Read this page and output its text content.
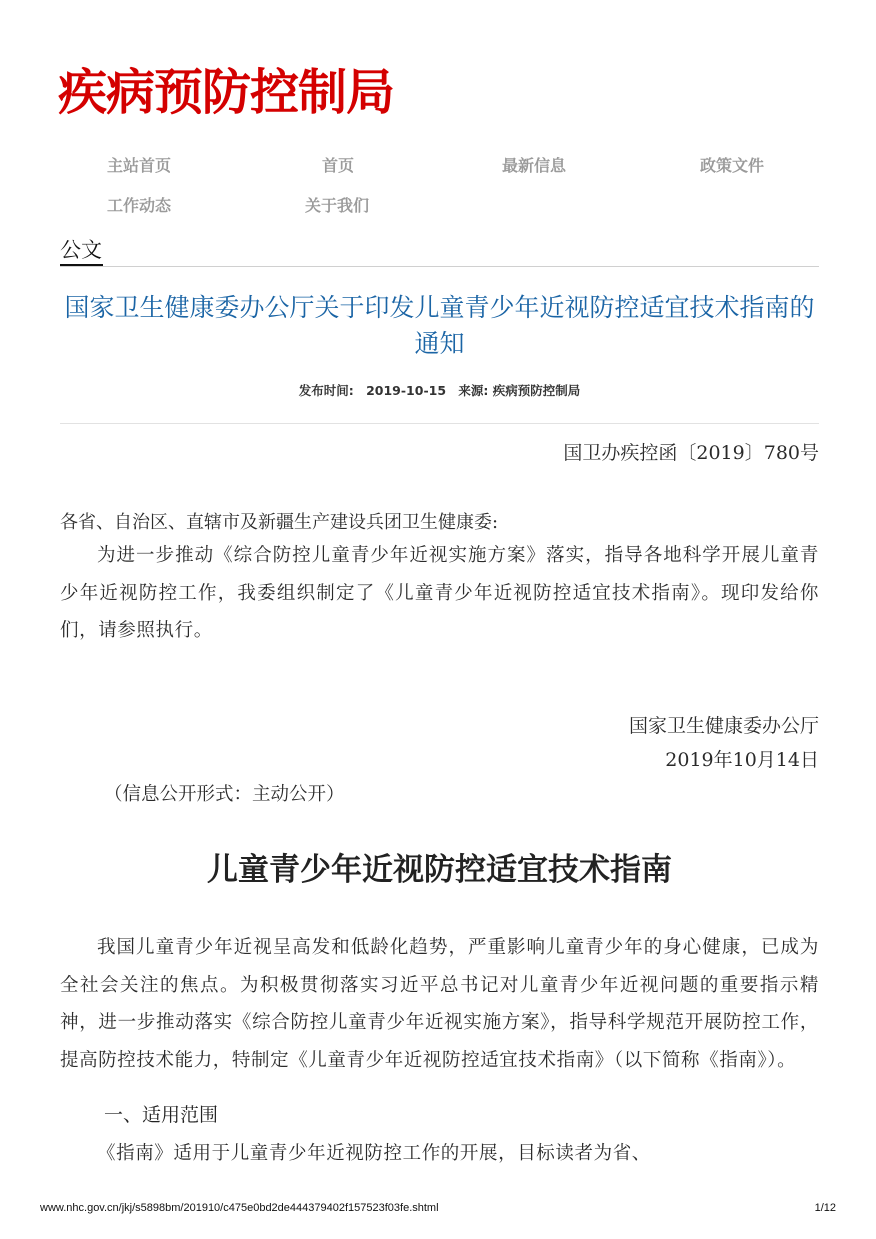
疾病预防控制局
主站首页	首页	最新信息	政策文件
工作动态	关于我们
公文
国家卫生健康委办公厅关于印发儿童青少年近视防控适宜技术指南的通知
发布时间: 2019-10-15 来源: 疾病预防控制局
国卫办疾控函〔2019〕780号
各省、自治区、直辖市及新疆生产建设兵团卫生健康委:

为进一步推动《综合防控儿童青少年近视实施方案》落实，指导各地科学开展儿童青少年近视防控工作，我委组织制定了《儿童青少年近视防控适宜技术指南》。现印发给你们，请参照执行。

国家卫生健康委办公厅
2019年10月14日
（信息公开形式：主动公开）
儿童青少年近视防控适宜技术指南

我国儿童青少年近视呈高发和低龄化趋势，严重影响儿童青少年的身心健康，已成为全社会关注的焦点。为积极贯彻落实习近平总书记对儿童青少年近视问题的重要指示精神，进一步推动落实《综合防控儿童青少年近视实施方案》，指导科学规范开展防控工作，提高防控技术能力，特制定《儿童青少年近视防控适宜技术指南》（以下简称《指南》）。

一、适用范围

《指南》适用于儿童青少年近视防控工作的开展，目标读者为省、

www.nhc.gov.cn/jkj/s5898bm/201910/c475e0bd2de444379402f157523f03fe.shtml	1/12
